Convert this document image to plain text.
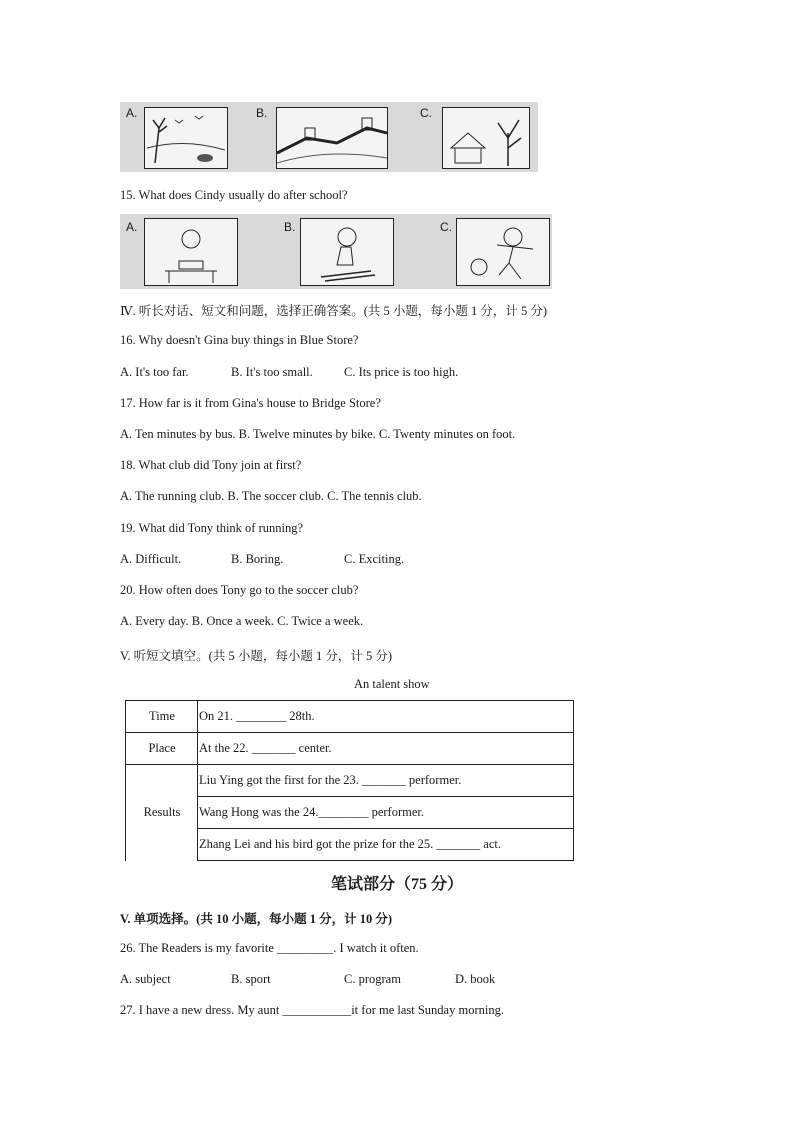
A.	B.	C.
15. What does Cindy usually do after school?
A.	B.	C.
Ⅳ. 听长对话、短文和问题，选择正确答案。(共 5 小题，每小题 1 分，计 5 分)
16. Why doesn't Gina buy things in Blue Store?
A. It's too far.	B. It's too small. C. Its price is too high.
17. How far is it from Gina's house to Bridge Store?
A. Ten minutes by bus. B. Twelve minutes by bike. C. Twenty minutes on foot.
18. What club did Tony join at first?
A. The running club. B. The soccer club. C. The tennis club.
19. What did Tony think of running?
A. Difficult.	B. Boring.	C. Exciting.
20. How often does Tony go to the soccer club?
A. Every day. B. Once a week. C. Twice a week.
V. 听短文填空。(共 5 小题，每小题 1 分，计 5 分)
An talent show
Time	On 21. ________ 28th.
Place	At the 22. _______ center.
Results	Liu Ying got the first for the 23. _______ performer.
	Wang Hong was the 24.________ performer.
	Zhang Lei and his bird got the prize for the 25. _______ act.
笔试部分（75 分）
V. 单项选择。(共 10 小题，每小题 1 分，计 10 分)
26. The Readers is my favorite _________. I watch it often.
A. subject	B. sport	C. program	D. book
27. I have a new dress. My aunt ___________it for me last Sunday morning.
